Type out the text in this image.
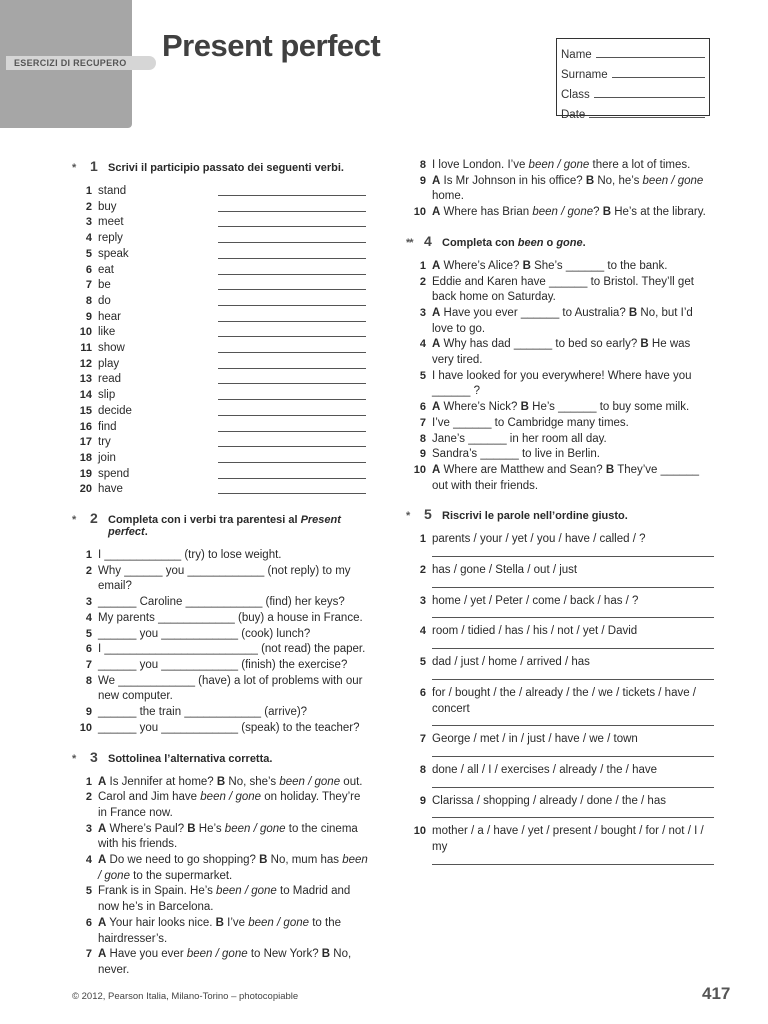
ESERCIZI DI RECUPERO	Present perfect	Name
Surname
Class
Date
*	1 Scrivi il participio passato dei seguenti verbi.
1 stand
2 buy
3 meet
4 reply
5 speak
6 eat
7 be
8 do
9 hear
10 like
11 show
12 play
13 read
14 slip
15 decide
16 find
17 try
18 join
19 spend
20 have
*	2 Completa con i verbi tra parentesi al Present perfect.
1 I ____________ (try) to lose weight.
2 Why ______ you ____________ (not reply) to my email?
3 ______ Caroline ____________ (find) her keys?
4 My parents ____________ (buy) a house in France.
5 ______ you ____________ (cook) lunch?
6 I ________________________ (not read) the paper.
7 ______ you ____________ (finish) the exercise?
8 We ____________ (have) a lot of problems with our new computer.
9 ______ the train ____________ (arrive)?
10 ______ you ____________ (speak) to the teacher?
*	3 Sottolinea l’alternativa corretta.
1 A Is Jennifer at home? B No, she’s been / gone out.
2 Carol and Jim have been / gone on holiday. They’re in France now.
3 A Where’s Paul? B He’s been / gone to the cinema with his friends.
4 A Do we need to go shopping? B No, mum has been / gone to the supermarket.
5 Frank is in Spain. He’s been / gone to Madrid and now he’s in Barcelona.
6 A Your hair looks nice. B I’ve been / gone to the hairdresser’s.
7 A Have you ever been / gone to New York? B No, never.
8 I love London. I’ve been / gone there a lot of times.
9 A Is Mr Johnson in his office? B No, he’s been / gone home.
10 A Where has Brian been / gone? B He’s at the library.
** 4 Completa con been o gone.
1 A Where’s Alice? B She’s ______ to the bank.
2 Eddie and Karen have ______ to Bristol. They’ll get back home on Saturday.
3 A Have you ever ______ to Australia? B No, but I’d love to go.
4 A Why has dad ______ to bed so early? B He was very tired.
5 I have looked for you everywhere! Where have you ______ ?
6 A Where’s Nick? B He’s ______ to buy some milk.
7 I’ve ______ to Cambridge many times.
8 Jane’s ______ in her room all day.
9 Sandra’s ______ to live in Berlin.
10 A Where are Matthew and Sean? B They’ve ______ out with their friends.
*	5 Riscrivi le parole nell’ordine giusto.
1 parents / your / yet / you / have / called / ?
2 has / gone / Stella / out / just
3 home / yet / Peter / come / back / has / ?
4 room / tidied / has / his / not / yet / David
5 dad / just / home / arrived / has
6 for / bought / the / already / the / we / tickets / have / concert
7 George / met / in / just / have / we / town
8 done / all / I / exercises / already / the / have
9 Clarissa / shopping / already / done / the / has
10 mother / a / have / yet / present / bought / for / not / I / my
© 2012, Pearson Italia, Milano-Torino – photocopiable	417
